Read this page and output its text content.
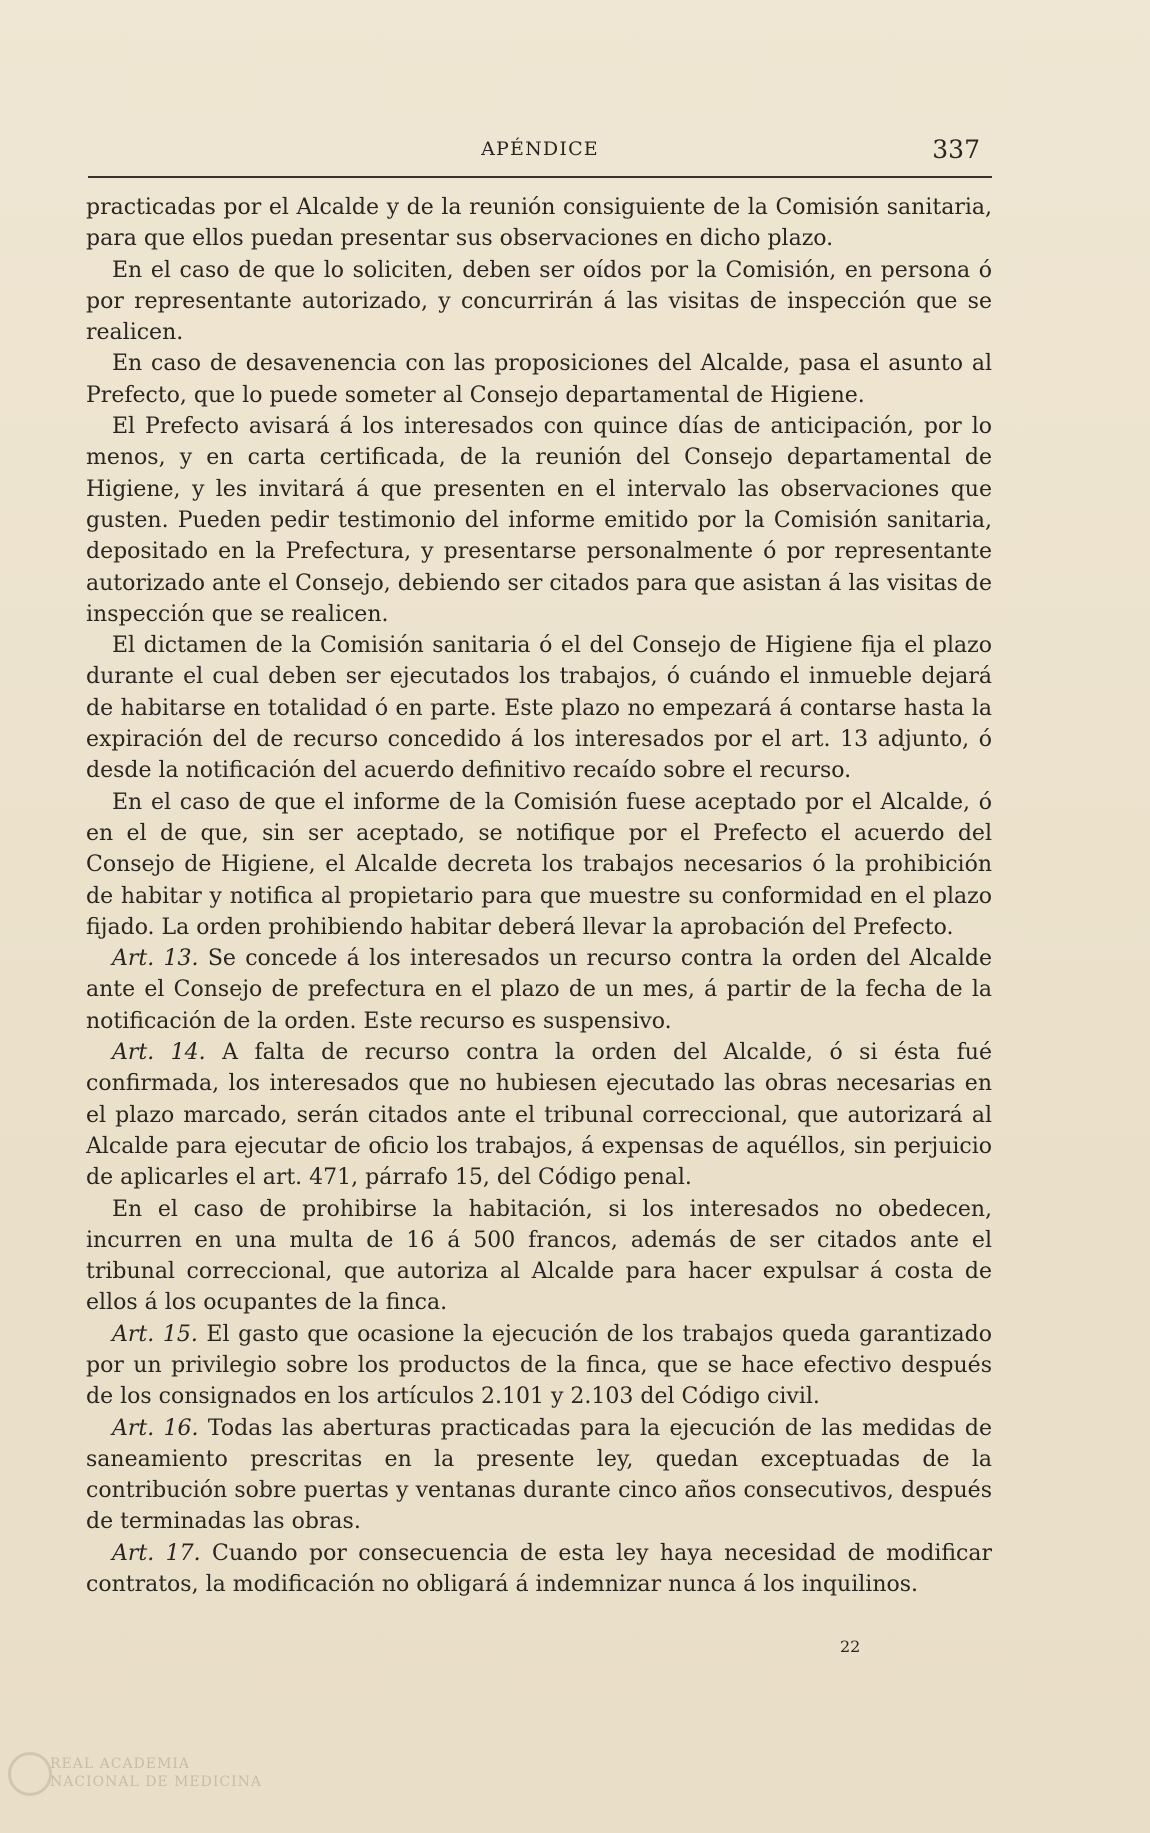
APÉNDICE	337

practicadas por el Alcalde y de la reunión consiguiente de la Comisión sanitaria, para que ellos puedan presentar sus observaciones en dicho plazo.

En el caso de que lo soliciten, deben ser oídos por la Comisión, en persona ó por representante autorizado, y concurrirán á las visitas de inspección que se realicen.

En caso de desavenencia con las proposiciones del Alcalde, pasa el asunto al Prefecto, que lo puede someter al Consejo departamental de Higiene.

El Prefecto avisará á los interesados con quince días de anticipación, por lo menos, y en carta certificada, de la reunión del Consejo departamental de Higiene, y les invitará á que presenten en el intervalo las observaciones que gusten. Pueden pedir testimonio del informe emitido por la Comisión sanitaria, depositado en la Prefectura, y presentarse personalmente ó por representante autorizado ante el Consejo, debiendo ser citados para que asistan á las visitas de inspección que se realicen.

El dictamen de la Comisión sanitaria ó el del Consejo de Higiene fija el plazo durante el cual deben ser ejecutados los trabajos, ó cuándo el inmueble dejará de habitarse en totalidad ó en parte. Este plazo no empezará á contarse hasta la expiración del de recurso concedido á los interesados por el art. 13 adjunto, ó desde la notificación del acuerdo definitivo recaído sobre el recurso.

En el caso de que el informe de la Comisión fuese aceptado por el Alcalde, ó en el de que, sin ser aceptado, se notifique por el Prefecto el acuerdo del Consejo de Higiene, el Alcalde decreta los trabajos necesarios ó la prohibición de habitar y notifica al propietario para que muestre su conformidad en el plazo fijado. La orden prohibiendo habitar deberá llevar la aprobación del Prefecto.

Art. 13. Se concede á los interesados un recurso contra la orden del Alcalde ante el Consejo de prefectura en el plazo de un mes, á partir de la fecha de la notificación de la orden. Este recurso es suspensivo.

Art. 14. A falta de recurso contra la orden del Alcalde, ó si ésta fué confirmada, los interesados que no hubiesen ejecutado las obras necesarias en el plazo marcado, serán citados ante el tribunal correccional, que autorizará al Alcalde para ejecutar de oficio los trabajos, á expensas de aquéllos, sin perjuicio de aplicarles el art. 471, párrafo 15, del Código penal.

En el caso de prohibirse la habitación, si los interesados no obedecen, incurren en una multa de 16 á 500 francos, además de ser citados ante el tribunal correccional, que autoriza al Alcalde para hacer expulsar á costa de ellos á los ocupantes de la finca.

Art. 15. El gasto que ocasione la ejecución de los trabajos queda garantizado por un privilegio sobre los productos de la finca, que se hace efectivo después de los consignados en los artículos 2.101 y 2.103 del Código civil.

Art. 16. Todas las aberturas practicadas para la ejecución de las medidas de saneamiento prescritas en la presente ley, quedan exceptuadas de la contribución sobre puertas y ventanas durante cinco años consecutivos, después de terminadas las obras.

Art. 17. Cuando por consecuencia de esta ley haya necesidad de modificar contratos, la modificación no obligará á indemnizar nunca á los inquilinos.

22
REAL ACADEMIA
NACIONAL DE MEDICINA
